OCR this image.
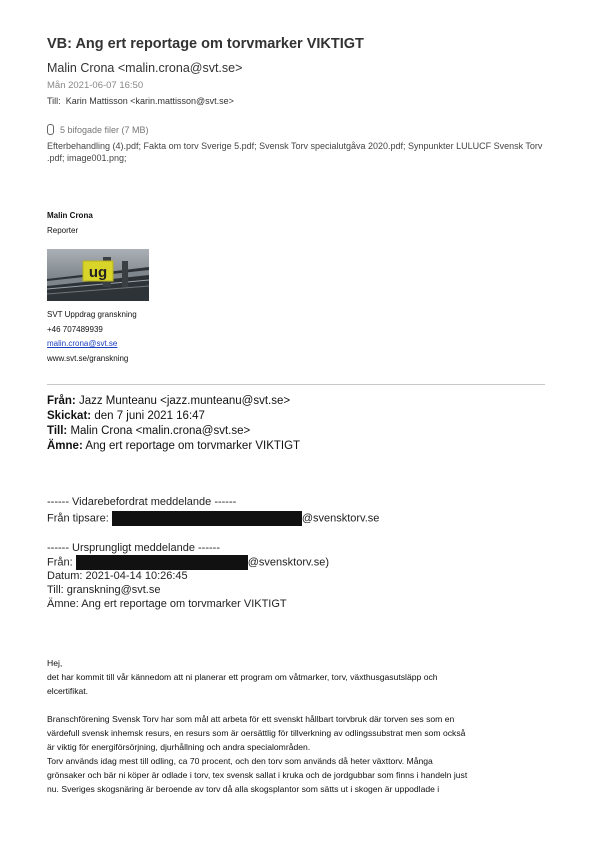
VB: Ang ert reportage om torvmarker VIKTIGT
Malin Crona <malin.crona@svt.se>
Mån 2021-06-07 16:50
Till: Karin Mattisson <karin.mattisson@svt.se>
5 bifogade filer (7 MB)
Efterbehandling (4).pdf; Fakta om torv Sverige 5.pdf; Svensk Torv specialutgåva 2020.pdf; Synpunkter LULUCF Svensk Torv .pdf; image001.png;
Malin Crona
Reporter
ug
SVT Uppdrag granskning
+46 707489939
malin.crona@svt.se
www.svt.se/granskning
Från: Jazz Munteanu <jazz.munteanu@svt.se>
Skickat: den 7 juni 2021 16:47
Till: Malin Crona <malin.crona@svt.se>
Ämne: Ang ert reportage om torvmarker VIKTIGT
------ Vidarebefordrat meddelande ------
Från tipsare:	@svensktorv.se
------ Ursprungligt meddelande ------
Från:	@svensktorv.se)
Datum: 2021-04-14 10:26:45
Till: granskning@svt.se
Ämne: Ang ert reportage om torvmarker VIKTIGT
Hej,
det har kommit till vår kännedom att ni planerar ett program om våtmarker, torv, växthusgasutsläpp och
elcertifikat.
Branschförening Svensk Torv har som mål att arbeta för ett svenskt hållbart torvbruk där torven ses som en
värdefull svensk inhemsk resurs, en resurs som är oersättlig för tillverkning av odlingssubstrat men som också
är viktig för energiförsörjning, djurhållning och andra specialområden.
Torv används idag mest till odling, ca 70 procent, och den torv som används då heter växttorv. Många
grönsaker och bär ni köper är odlade i torv, tex svensk sallat i kruka och de jordgubbar som finns i handeln just
nu. Sveriges skogsnäring är beroende av torv då alla skogsplantor som sätts ut i skogen är uppodlade i
